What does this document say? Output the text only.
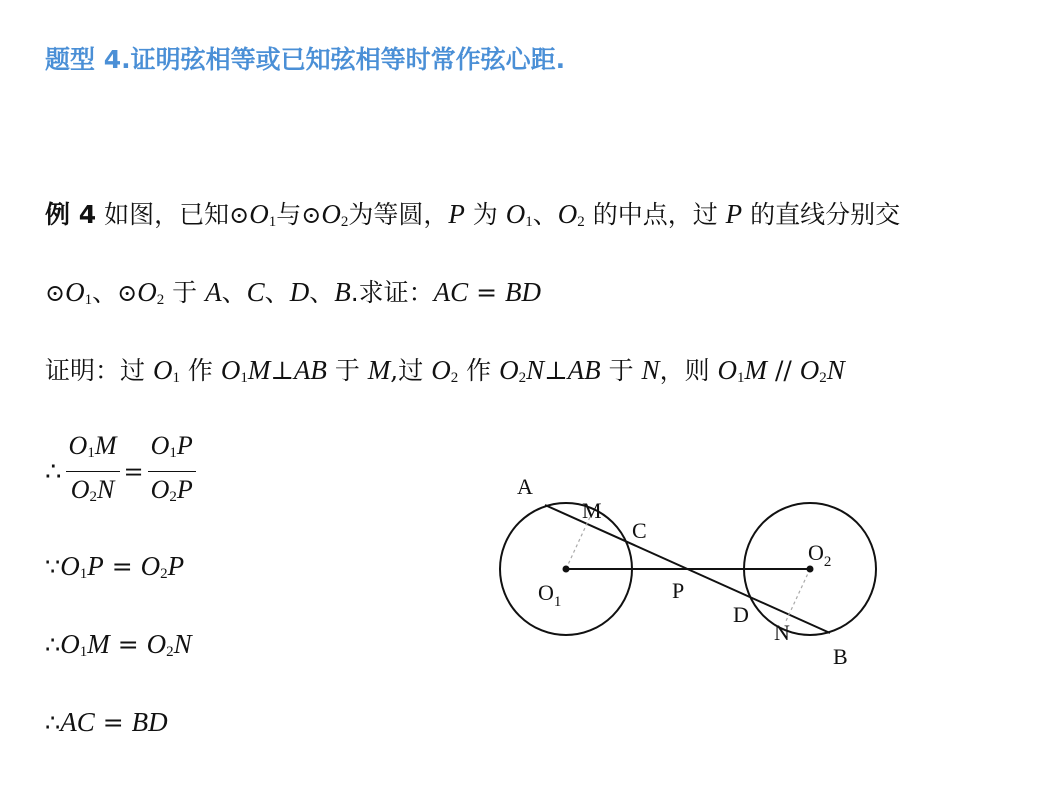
题型 4.证明弦相等或已知弦相等时常作弦心距.
例 4 如图，已知$⊙O_1$与$⊙O_2$为等圆，P 为 $O_1$、$O_2$ 的中点，过 P 的直线分别交
$⊙O_1$、$⊙O_2$ 于 A、C、D、B.求证：AC = BD
证明：过 $O_1$ 作 $O_1M\perp AB$ 于 M,过 $O_2$ 作 $O_2N\perp AB$ 于 N，则 $O_1M // O_2N$
∴ $\frac{O_1M}{O_2N} = \frac{O_1P}{O_2P}$
$\because O_1P = O_2P$
$\therefore O_1M = O_2N$
∴AC = BD
A
M
C
$O_1$	P
$O_2$
D
N
B
